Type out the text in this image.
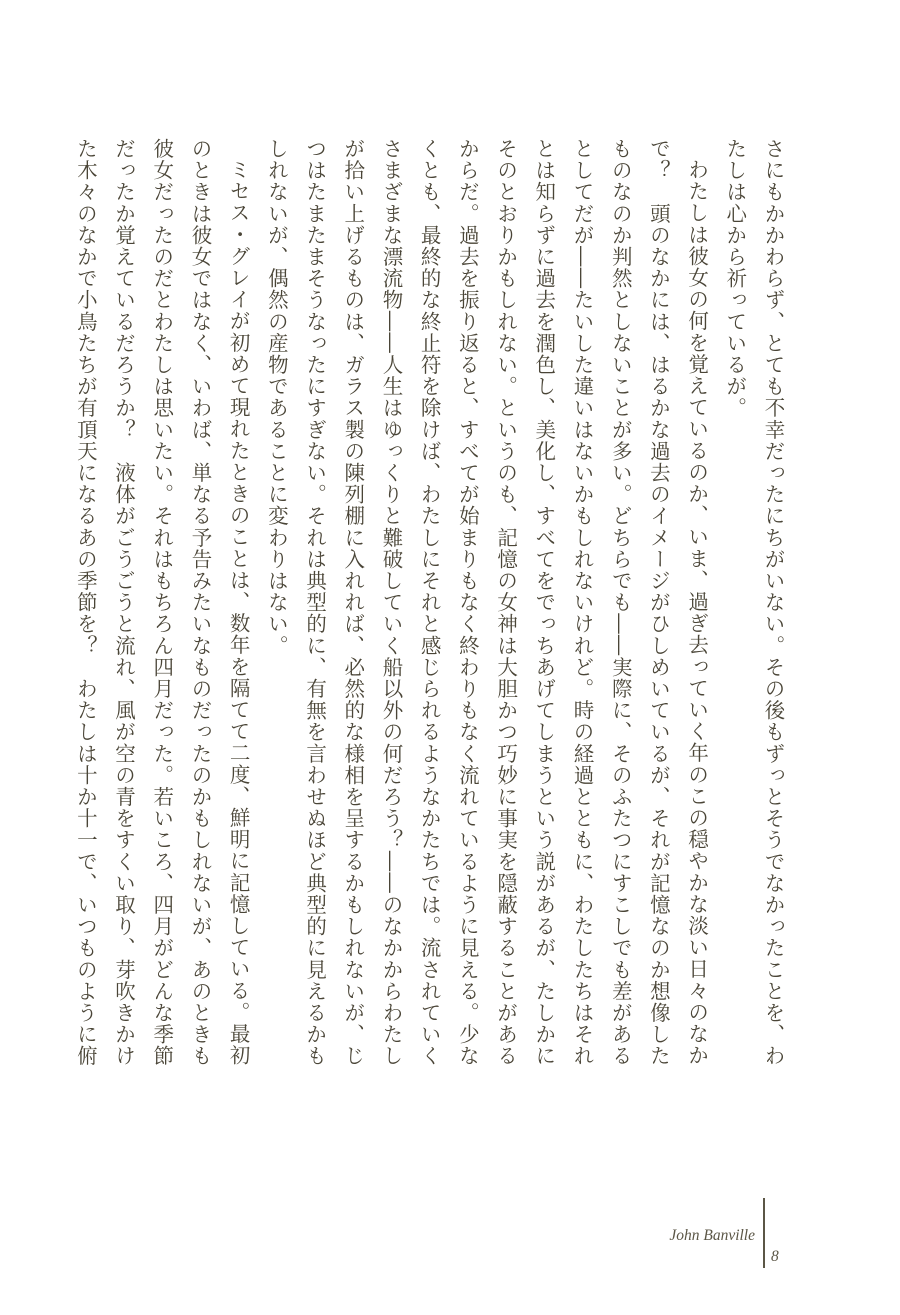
さにもかかわらず、とても不幸だったにちがいない。その後もずっとそうでなかったことを、わ

たしは心から祈っているが。

わたしは彼女の何を覚えているのか、いま、過ぎ去っていく年のこの穏やかな淡い日々のなか

で？　頭のなかには、はるかな過去のイメージがひしめいているが、それが記憶なのか想像した

ものなのか判然としないことが多い。どちらでも――実際に、そのふたつにすこしでも差がある

としてだが――たいした違いはないかもしれないけれど。時の経過とともに、わたしたちはそれ

とは知らずに過去を潤色し、美化し、すべてをでっちあげてしまうという説があるが、たしかに

そのとおりかもしれない。というのも、記憶の女神は大胆かつ巧妙に事実を隠蔽することがある

からだ。過去を振り返ると、すべてが始まりもなく終わりもなく流れているように見える。少な

くとも、最終的な終止符を除けば、わたしにそれと感じられるようなかたちでは。流されていく

さまざまな漂流物――人生はゆっくりと難破していく船以外の何だろう？――のなかからわたし

が拾い上げるものは、ガラス製の陳列棚に入れれば、必然的な様相を呈するかもしれないが、じ

つはたまたまそうなったにすぎない。それは典型的に、有無を言わせぬほど典型的に見えるかも

しれないが、偶然の産物であることに変わりはない。

ミセス・グレイが初めて現れたときのことは、数年を隔てて二度、鮮明に記憶している。最初

のときは彼女ではなく、いわば、単なる予告みたいなものだったのかもしれないが、あのときも

彼女だったのだとわたしは思いたい。それはもちろん四月だった。若いころ、四月がどんな季節

だったか覚えているだろうか？　液体がごうごうと流れ、風が空の青をすくい取り、芽吹きかけ

た木々のなかで小鳥たちが有頂天になるあの季節を？　わたしは十か十一で、いつものように俯

John Banville
8
